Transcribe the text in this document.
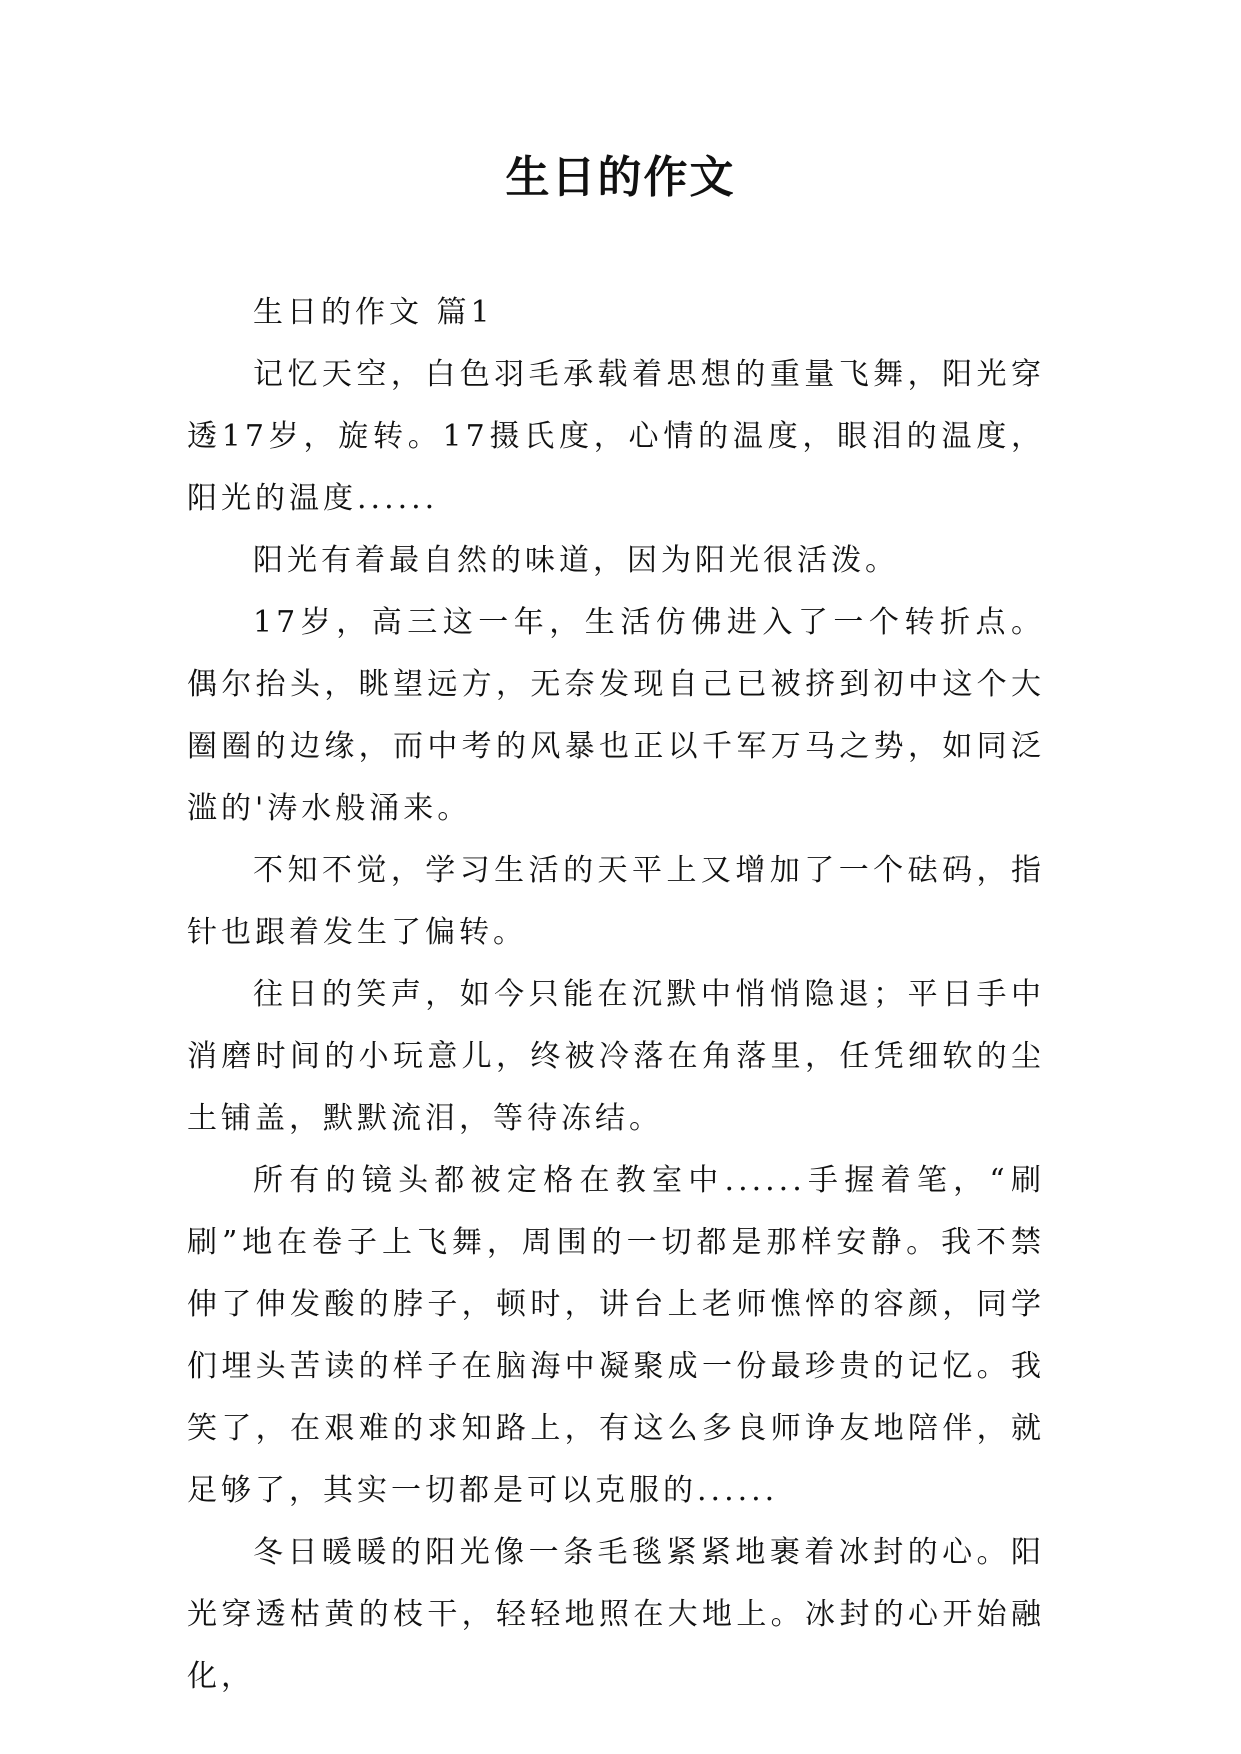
生日的作文

生日的作文 篇1

记忆天空，白色羽毛承载着思想的重量飞舞，阳光穿透17岁，旋转。17摄氏度，心情的温度，眼泪的温度，阳光的温度......

阳光有着最自然的味道，因为阳光很活泼。

17岁，高三这一年，生活仿佛进入了一个转折点。偶尔抬头，眺望远方，无奈发现自己已被挤到初中这个大圈圈的边缘，而中考的风暴也正以千军万马之势，如同泛滥的'涛水般涌来。

不知不觉，学习生活的天平上又增加了一个砝码，指针也跟着发生了偏转。

往日的笑声，如今只能在沉默中悄悄隐退；平日手中消磨时间的小玩意儿，终被冷落在角落里，任凭细软的尘土铺盖，默默流泪，等待冻结。

所有的镜头都被定格在教室中......手握着笔，“刷刷”地在卷子上飞舞，周围的一切都是那样安静。我不禁伸了伸发酸的脖子，顿时，讲台上老师憔悴的容颜，同学们埋头苦读的样子在脑海中凝聚成一份最珍贵的记忆。我笑了，在艰难的求知路上，有这么多良师诤友地陪伴，就足够了，其实一切都是可以克服的......

冬日暖暖的阳光像一条毛毯紧紧地裹着冰封的心。阳光穿透枯黄的枝干，轻轻地照在大地上。冰封的心开始融化，
